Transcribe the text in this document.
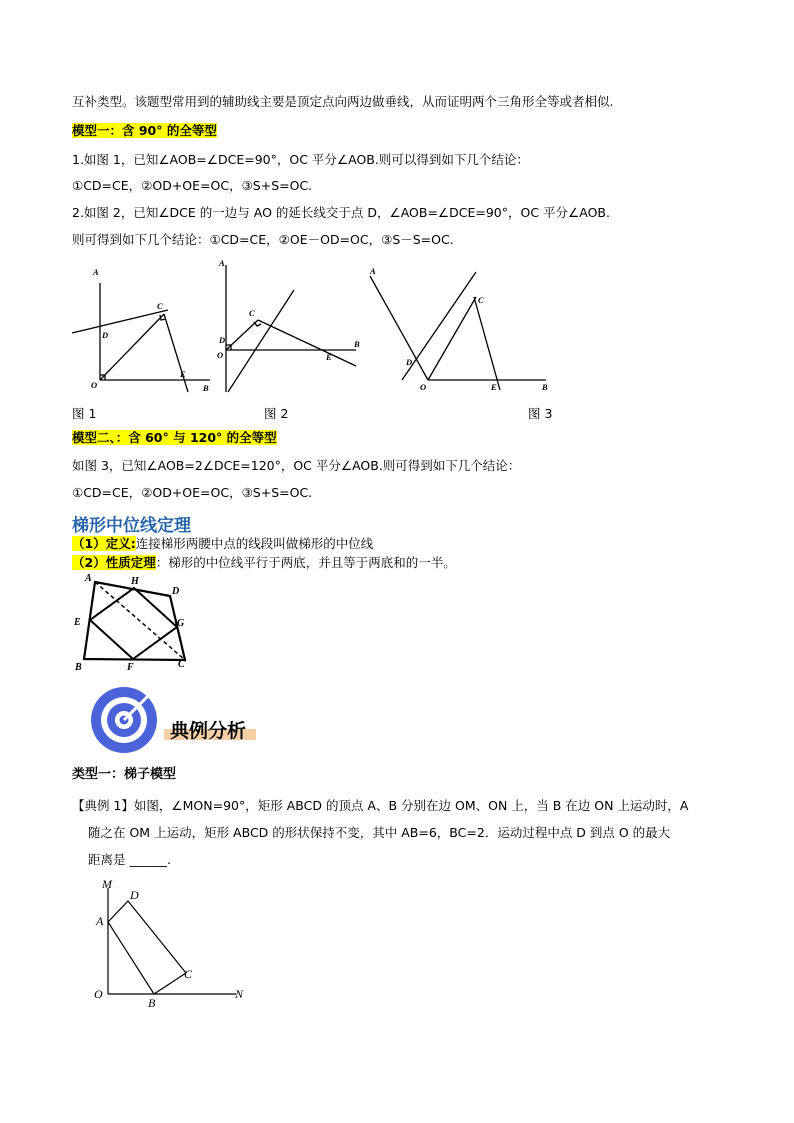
互补类型。该题型常用到的辅助线主要是顶定点向两边做垂线，从而证明两个三角形全等或者相似.
模型一：含 90° 的全等型
1.如图 1，已知∠AOB=∠DCE=90°，OC 平分∠AOB.则可以得到如下几个结论：
①CD=CE，②OD+OE=OC，③S+S=OC.
2.如图 2，已知∠DCE 的一边与 AO 的延长线交于点 D，∠AOB=∠DCE=90°，OC 平分∠AOB.
则可得到如下几个结论：①CD=CE，②OE－OD=OC，③S－S=OC.
A
C
D
O
E
B
A
C
D
O	E
B
A
C
D
O	E	B
图 1	图 2	图 3
模型二、：含 60° 与 120° 的全等型
如图 3，已知∠AOB=2∠DCE=120°，OC 平分∠AOB.则可得到如下几个结论：
①CD=CE，②OD+OE=OC，③S+S=OC.
梯形中位线定理
（1）定义:连接梯形两腰中点的线段叫做梯形的中位线
（2）性质定理：梯形的中位线平行于两底，并且等于两底和的一半。
A	H
D
E	G
B	F	C
典例分析
类型一：梯子模型
【典例 1】如图，∠MON=90°，矩形 ABCD 的顶点 A、B 分别在边 OM、ON 上，当 B 在边 ON 上运动时，A
随之在 OM 上运动，矩形 ABCD 的形状保持不变，其中 AB=6，BC=2．运动过程中点 D 到点 O 的最大
距离是 ______.
M
D
A
C
O
B
N
